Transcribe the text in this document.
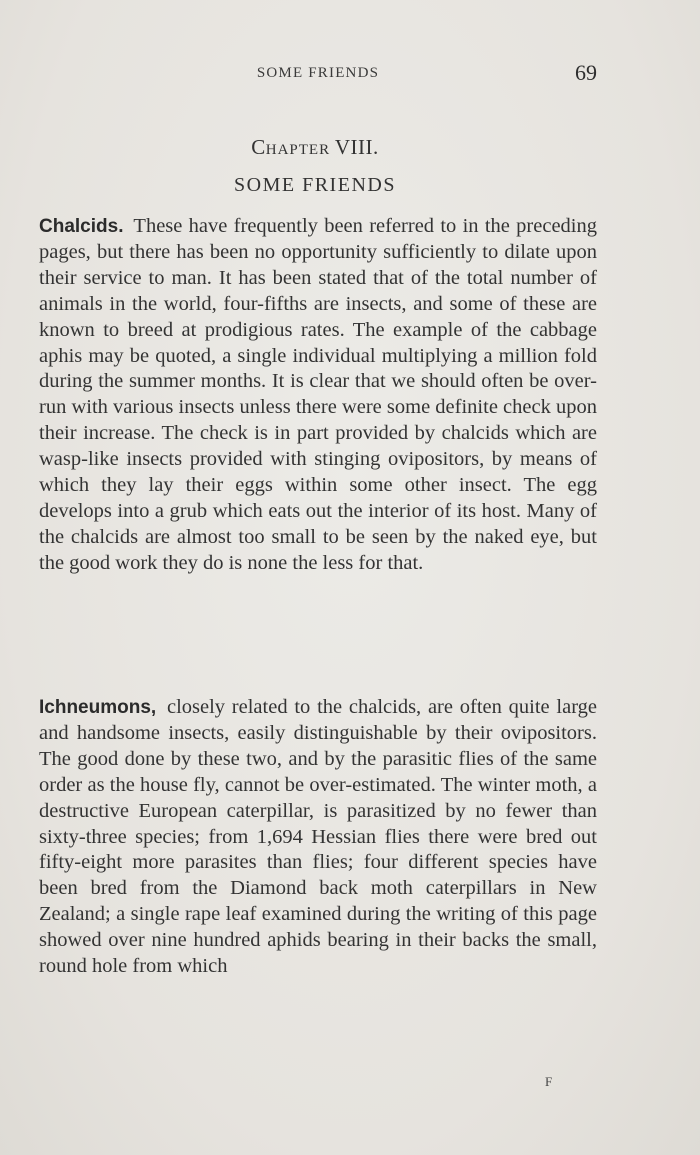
SOME FRIENDS	69
CHAPTER VIII.
SOME FRIENDS

Chalcids. These have frequently been referred to in the preceding pages, but there has been no opportunity sufficiently to dilate upon their service to man. It has been stated that of the total number of animals in the world, four-fifths are insects, and some of these are known to breed at prodigious rates. The example of the cabbage aphis may be quoted, a single individual multiplying a million fold during the summer months. It is clear that we should often be over-run with various insects unless there were some definite check upon their increase. The check is in part provided by chalcids which are wasp-like insects provided with stinging ovipositors, by means of which they lay their eggs within some other insect. The egg develops into a grub which eats out the interior of its host. Many of the chalcids are almost too small to be seen by the naked eye, but the good work they do is none the less for that.

Ichneumons, closely related to the chalcids, are often quite large and handsome insects, easily distinguishable by their ovipositors. The good done by these two, and by the parasitic flies of the same order as the house fly, cannot be over-estimated. The winter moth, a destructive European caterpillar, is parasitized by no fewer than sixty-three species; from 1,694 Hessian flies there were bred out fifty-eight more parasites than flies; four different species have been bred from the Diamond back moth caterpillars in New Zealand; a single rape leaf examined during the writing of this page showed over nine hundred aphids bearing in their backs the small, round hole from which

F
